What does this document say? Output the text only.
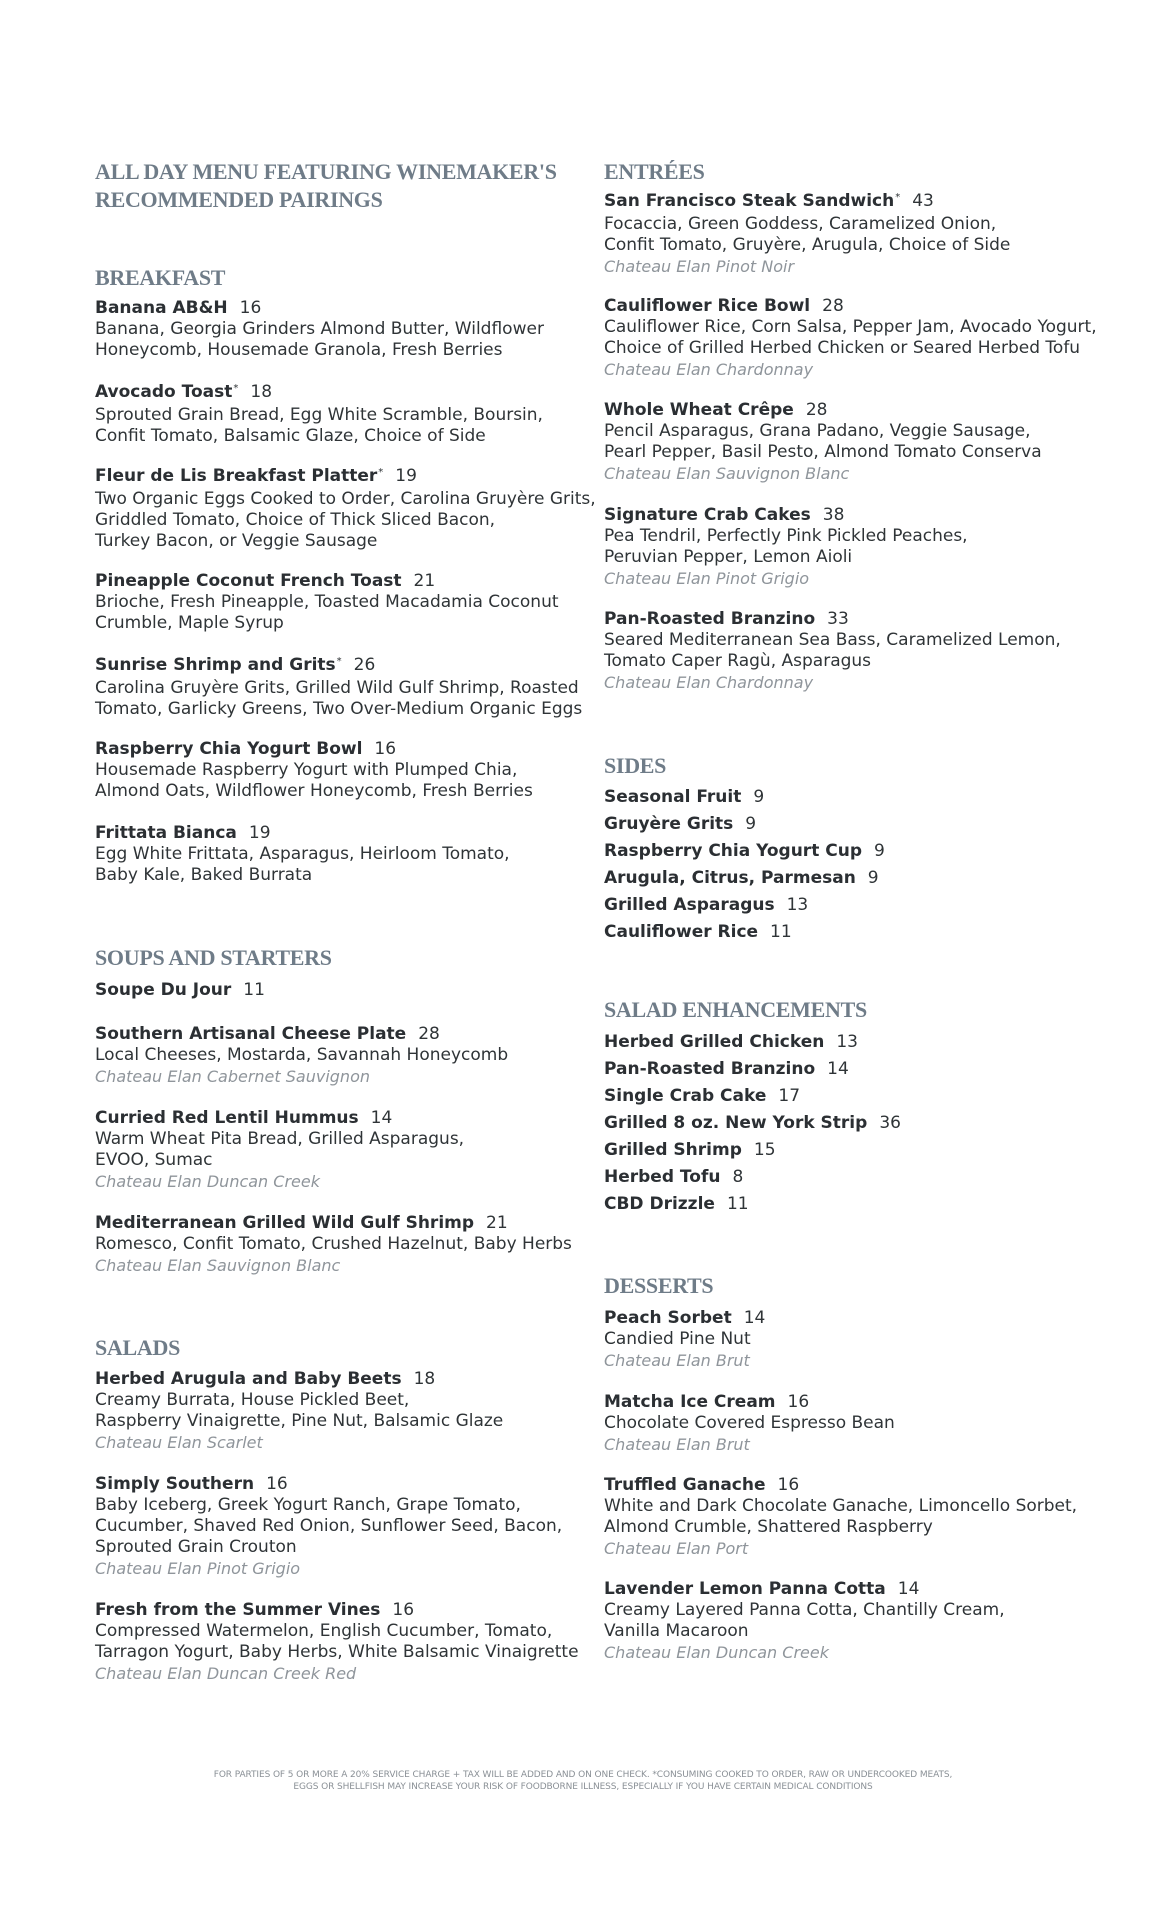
ALL DAY MENU FEATURING WINEMAKER'S
RECOMMENDED PAIRINGS
BREAKFAST
Banana AB&H 16
Banana, Georgia Grinders Almond Butter, Wildflower
Honeycomb, Housemade Granola, Fresh Berries
Avocado Toast* 18
Sprouted Grain Bread, Egg White Scramble, Boursin,
Confit Tomato, Balsamic Glaze, Choice of Side
Fleur de Lis Breakfast Platter* 19
Two Organic Eggs Cooked to Order, Carolina Gruyère Grits,
Griddled Tomato, Choice of Thick Sliced Bacon,
Turkey Bacon, or Veggie Sausage
Pineapple Coconut French Toast 21
Brioche, Fresh Pineapple, Toasted Macadamia Coconut
Crumble, Maple Syrup
Sunrise Shrimp and Grits* 26
Carolina Gruyère Grits, Grilled Wild Gulf Shrimp, Roasted
Tomato, Garlicky Greens, Two Over-Medium Organic Eggs
Raspberry Chia Yogurt Bowl 16
Housemade Raspberry Yogurt with Plumped Chia,
Almond Oats, Wildflower Honeycomb, Fresh Berries
Frittata Bianca 19
Egg White Frittata, Asparagus, Heirloom Tomato,
Baby Kale, Baked Burrata
SOUPS AND STARTERS
Soupe Du Jour 11
Southern Artisanal Cheese Plate 28
Local Cheeses, Mostarda, Savannah Honeycomb
Chateau Elan Cabernet Sauvignon
Curried Red Lentil Hummus 14
Warm Wheat Pita Bread, Grilled Asparagus,
EVOO, Sumac
Chateau Elan Duncan Creek
Mediterranean Grilled Wild Gulf Shrimp 21
Romesco, Confit Tomato, Crushed Hazelnut, Baby Herbs
Chateau Elan Sauvignon Blanc
SALADS
Herbed Arugula and Baby Beets 18
Creamy Burrata, House Pickled Beet,
Raspberry Vinaigrette, Pine Nut, Balsamic Glaze
Chateau Elan Scarlet
Simply Southern 16
Baby Iceberg, Greek Yogurt Ranch, Grape Tomato,
Cucumber, Shaved Red Onion, Sunflower Seed, Bacon,
Sprouted Grain Crouton
Chateau Elan Pinot Grigio
Fresh from the Summer Vines 16
Compressed Watermelon, English Cucumber, Tomato,
Tarragon Yogurt, Baby Herbs, White Balsamic Vinaigrette
Chateau Elan Duncan Creek Red
ENTRÉES
San Francisco Steak Sandwich* 43
Focaccia, Green Goddess, Caramelized Onion,
Confit Tomato, Gruyère, Arugula, Choice of Side
Chateau Elan Pinot Noir
Cauliflower Rice Bowl 28
Cauliflower Rice, Corn Salsa, Pepper Jam, Avocado Yogurt,
Choice of Grilled Herbed Chicken or Seared Herbed Tofu
Chateau Elan Chardonnay
Whole Wheat Crêpe 28
Pencil Asparagus, Grana Padano, Veggie Sausage,
Pearl Pepper, Basil Pesto, Almond Tomato Conserva
Chateau Elan Sauvignon Blanc
Signature Crab Cakes 38
Pea Tendril, Perfectly Pink Pickled Peaches,
Peruvian Pepper, Lemon Aioli
Chateau Elan Pinot Grigio
Pan-Roasted Branzino 33
Seared Mediterranean Sea Bass, Caramelized Lemon,
Tomato Caper Ragù, Asparagus
Chateau Elan Chardonnay
SIDES
Seasonal Fruit 9
Gruyère Grits 9
Raspberry Chia Yogurt Cup 9
Arugula, Citrus, Parmesan 9
Grilled Asparagus 13
Cauliflower Rice 11
SALAD ENHANCEMENTS
Herbed Grilled Chicken 13
Pan-Roasted Branzino 14
Single Crab Cake 17
Grilled 8 oz. New York Strip 36
Grilled Shrimp 15
Herbed Tofu 8
CBD Drizzle 11
DESSERTS
Peach Sorbet 14
Candied Pine Nut
Chateau Elan Brut
Matcha Ice Cream 16
Chocolate Covered Espresso Bean
Chateau Elan Brut
Truffled Ganache 16
White and Dark Chocolate Ganache, Limoncello Sorbet,
Almond Crumble, Shattered Raspberry
Chateau Elan Port
Lavender Lemon Panna Cotta 14
Creamy Layered Panna Cotta, Chantilly Cream,
Vanilla Macaroon
Chateau Elan Duncan Creek
FOR PARTIES OF 5 OR MORE A 20% SERVICE CHARGE + TAX WILL BE ADDED AND ON ONE CHECK. *CONSUMING COOKED TO ORDER, RAW OR UNDERCOOKED MEATS,
EGGS OR SHELLFISH MAY INCREASE YOUR RISK OF FOODBORNE ILLNESS, ESPECIALLY IF YOU HAVE CERTAIN MEDICAL CONDITIONS
